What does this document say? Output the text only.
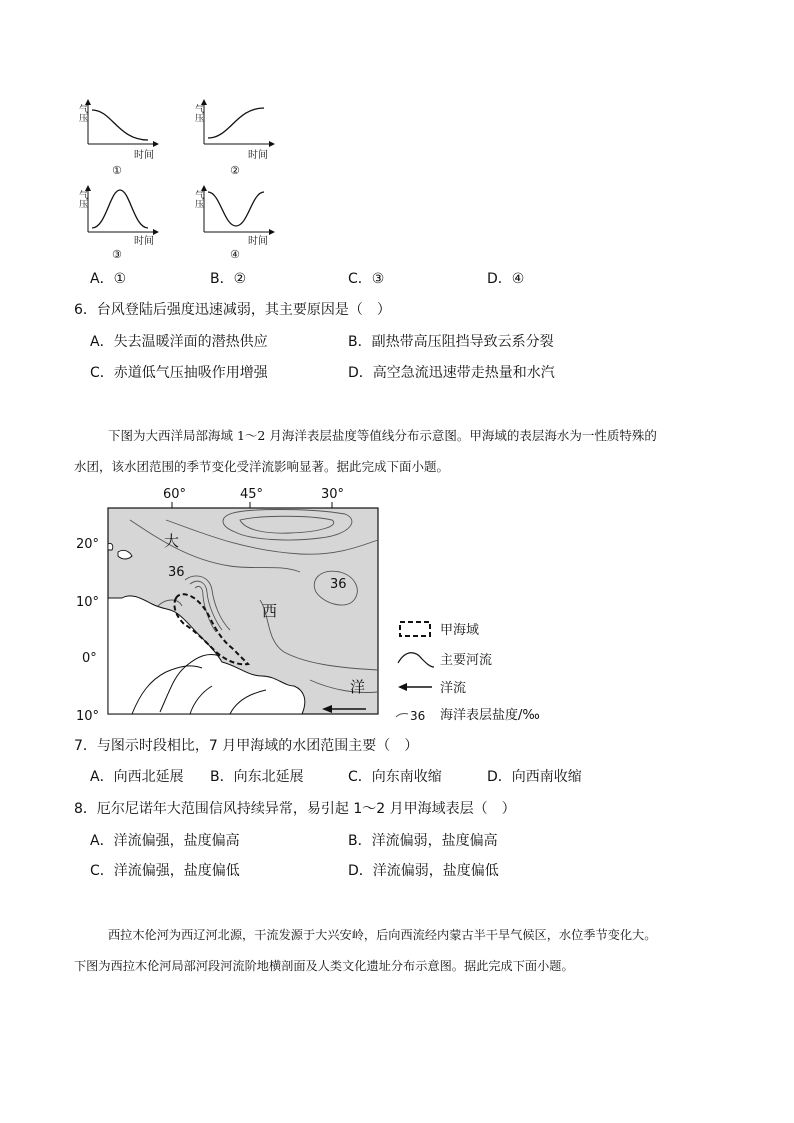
气压
时间
①
气压
时间
②
气压
时间
③
气压
时间
④
A．①	B．②	C．③	D．④
6．台风登陆后强度迅速减弱，其主要原因是（　）
A．失去温暖洋面的潜热供应	B．副热带高压阻挡导致云系分裂
C．赤道低气压抽吸作用增强	D．高空急流迅速带走热量和水汽
下图为大西洋局部海域 1～2 月海洋表层盐度等值线分布示意图。甲海域的表层海水为一性质特殊的
水团，该水团范围的季节变化受洋流影响显著。据此完成下面小题。
60°	45°	30°
20°
10°
0°
10°
大
西
洋
36
36
甲海域
主要河流
洋流
36 海洋表层盐度/‰
7．与图示时段相比，7 月甲海域的水团范围主要（　）
A．向西北延展 B．向东北延展	C．向东南收缩	D．向西南收缩
8．厄尔尼诺年大范围信风持续异常，易引起 1～2 月甲海域表层（　）
A．洋流偏强，盐度偏高	B．洋流偏弱，盐度偏高
C．洋流偏强，盐度偏低	D．洋流偏弱，盐度偏低
西拉木伦河为西辽河北源，干流发源于大兴安岭，后向西流经内蒙古半干旱气候区，水位季节变化大。
下图为西拉木伦河局部河段河流阶地横剖面及人类文化遗址分布示意图。据此完成下面小题。
